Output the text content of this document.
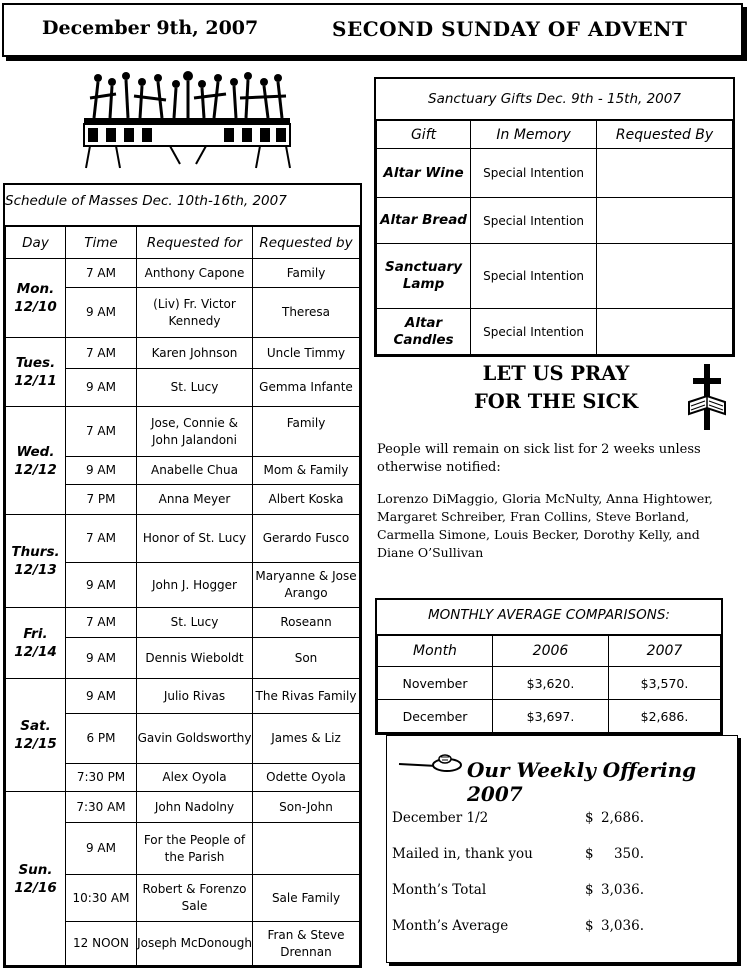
December 9th, 2007	SECOND SUNDAY OF ADVENT
Schedule of Masses Dec. 10th-16th, 2007
Day	Time	Requested for	Requested by
Mon.
12/10	7 AM	Anthony Capone	Family
	9 AM	(Liv) Fr. Victor Kennedy	Theresa
Tues.
12/11	7 AM	Karen Johnson	Uncle Timmy
	9 AM	St. Lucy	Gemma Infante
Wed.
12/12	7 AM	Jose, Connie & John Jalandoni	Family
	9 AM	Anabelle Chua	Mom & Family
	7 PM	Anna Meyer	Albert Koska
Thurs.
12/13	7 AM	Honor of St. Lucy	Gerardo Fusco
	9 AM	John J. Hogger	Maryanne & Jose Arango
Fri.
12/14	7 AM	St. Lucy	Roseann
	9 AM	Dennis Wieboldt	Son
Sat.
12/15	9 AM	Julio Rivas	The Rivas Family
	6 PM	Gavin Goldsworthy	James & Liz
	7:30 PM	Alex Oyola	Odette Oyola
Sun.
12/16	7:30 AM	John Nadolny	Son-John
	9 AM	For the People of the Parish	
	10:30 AM	Robert & Forenzo Sale	Sale Family
	12 NOON	Joseph McDonough	Fran & Steve Drennan
Sanctuary Gifts Dec. 9th - 15th, 2007
Gift	In Memory	Requested By
Altar Wine	Special Intention	
Altar Bread	Special Intention	
Sanctuary Lamp	Special Intention	
Altar Candles	Special Intention	
LET US PRAY
FOR THE SICK
People will remain on sick list for 2 weeks unless otherwise notified:
Lorenzo DiMaggio, Gloria McNulty, Anna Hightower, Margaret Schreiber, Fran Collins, Steve Borland, Carmella Simone, Louis Becker, Dorothy Kelly, and Diane O’Sullivan
MONTHLY AVERAGE COMPARISONS:
Month	2006	2007
November	$3,620.	$3,570.
December	$3,697.	$2,686.
Our Weekly Offering 2007
December 1/2	$ 2,686.
Mailed in, thank you	$ 350.
Month’s Total	$ 3,036.
Month’s Average	$ 3,036.
